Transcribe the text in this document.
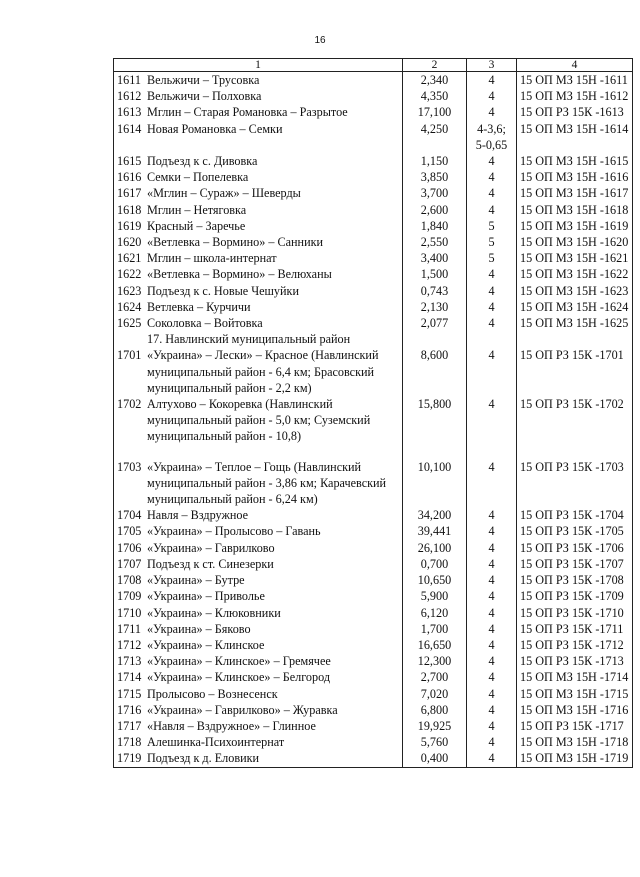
16
1	2	3	4
1611 Вельжичи – Трусовка	2,340	4	15 ОП МЗ 15Н -1611
1612 Вельжичи – Полховка	4,350	4	15 ОП МЗ 15Н -1612
1613 Мглин – Старая Романовка – Разрытое	17,100	4	15 ОП РЗ 15К -1613
1614 Новая Романовка – Семки	4,250	4-3,6;	15 ОП МЗ 15Н -1614
		5-0,65	
1615 Подъезд к с. Дивовка	1,150	4	15 ОП МЗ 15Н -1615
1616 Семки – Попелевка	3,850	4	15 ОП МЗ 15Н -1616
1617 «Мглин – Сураж» – Шеверды	3,700	4	15 ОП МЗ 15Н -1617
1618 Мглин – Нетяговка	2,600	4	15 ОП МЗ 15Н -1618
1619 Красный – Заречье	1,840	5	15 ОП МЗ 15Н -1619
1620 «Ветлевка – Вормино» – Санники	2,550	5	15 ОП МЗ 15Н -1620
1621 Мглин – школа-интернат	3,400	5	15 ОП МЗ 15Н -1621
1622 «Ветлевка – Вормино» – Велюханы	1,500	4	15 ОП МЗ 15Н -1622
1623 Подъезд к с. Новые Чешуйки	0,743	4	15 ОП МЗ 15Н -1623
1624 Ветлевка – Курчичи	2,130	4	15 ОП МЗ 15Н -1624
1625 Соколовка – Войтовка	2,077	4	15 ОП МЗ 15Н -1625
17. Навлинский муниципальный район			

1701 «Украина» – Лески» – Красное (Навлинский муниципальный район - 6,4 км; Брасовский муниципальный район - 2,2 км)	8,600	4	15 ОП РЗ 15К -1701

1702 Алтухово – Кокоревка (Навлинский муниципальный район - 5,0 км; Суземский муниципальный район - 10,8)	15,800	4	15 ОП РЗ 15К -1702

1703 «Украина» – Теплое – Гощь (Навлинский муниципальный район - 3,86 км; Карачевский муниципальный район - 6,24 км)	10,100	4	15 ОП РЗ 15К -1703
1704 Навля – Вздружное	34,200	4	15 ОП РЗ 15К -1704
1705 «Украина» – Пролысово – Гавань	39,441	4	15 ОП РЗ 15К -1705
1706 «Украина» – Гаврилково	26,100	4	15 ОП РЗ 15К -1706
1707 Подъезд к ст. Синезерки	0,700	4	15 ОП РЗ 15К -1707
1708 «Украина» – Бутре	10,650	4	15 ОП РЗ 15К -1708
1709 «Украина» – Приволье	5,900	4	15 ОП РЗ 15К -1709
1710 «Украина» – Клюковники	6,120	4	15 ОП РЗ 15К -1710
1711 «Украина» – Бяково	1,700	4	15 ОП РЗ 15К -1711
1712 «Украина» – Клинское	16,650	4	15 ОП РЗ 15К -1712
1713 «Украина» – Клинское» – Гремячее	12,300	4	15 ОП РЗ 15К -1713
1714 «Украина» – Клинское» – Белгород	2,700	4	15 ОП МЗ 15Н -1714
1715 Пролысово – Вознесенск	7,020	4	15 ОП МЗ 15Н -1715
1716 «Украина» – Гаврилково» – Журавка	6,800	4	15 ОП МЗ 15Н -1716
1717 «Навля – Вздружное» – Глинное	19,925	4	15 ОП РЗ 15К -1717
1718 Алешинка-Психоинтернат	5,760	4	15 ОП МЗ 15Н -1718
1719 Подъезд к д. Еловики	0,400	4	15 ОП МЗ 15Н -1719
